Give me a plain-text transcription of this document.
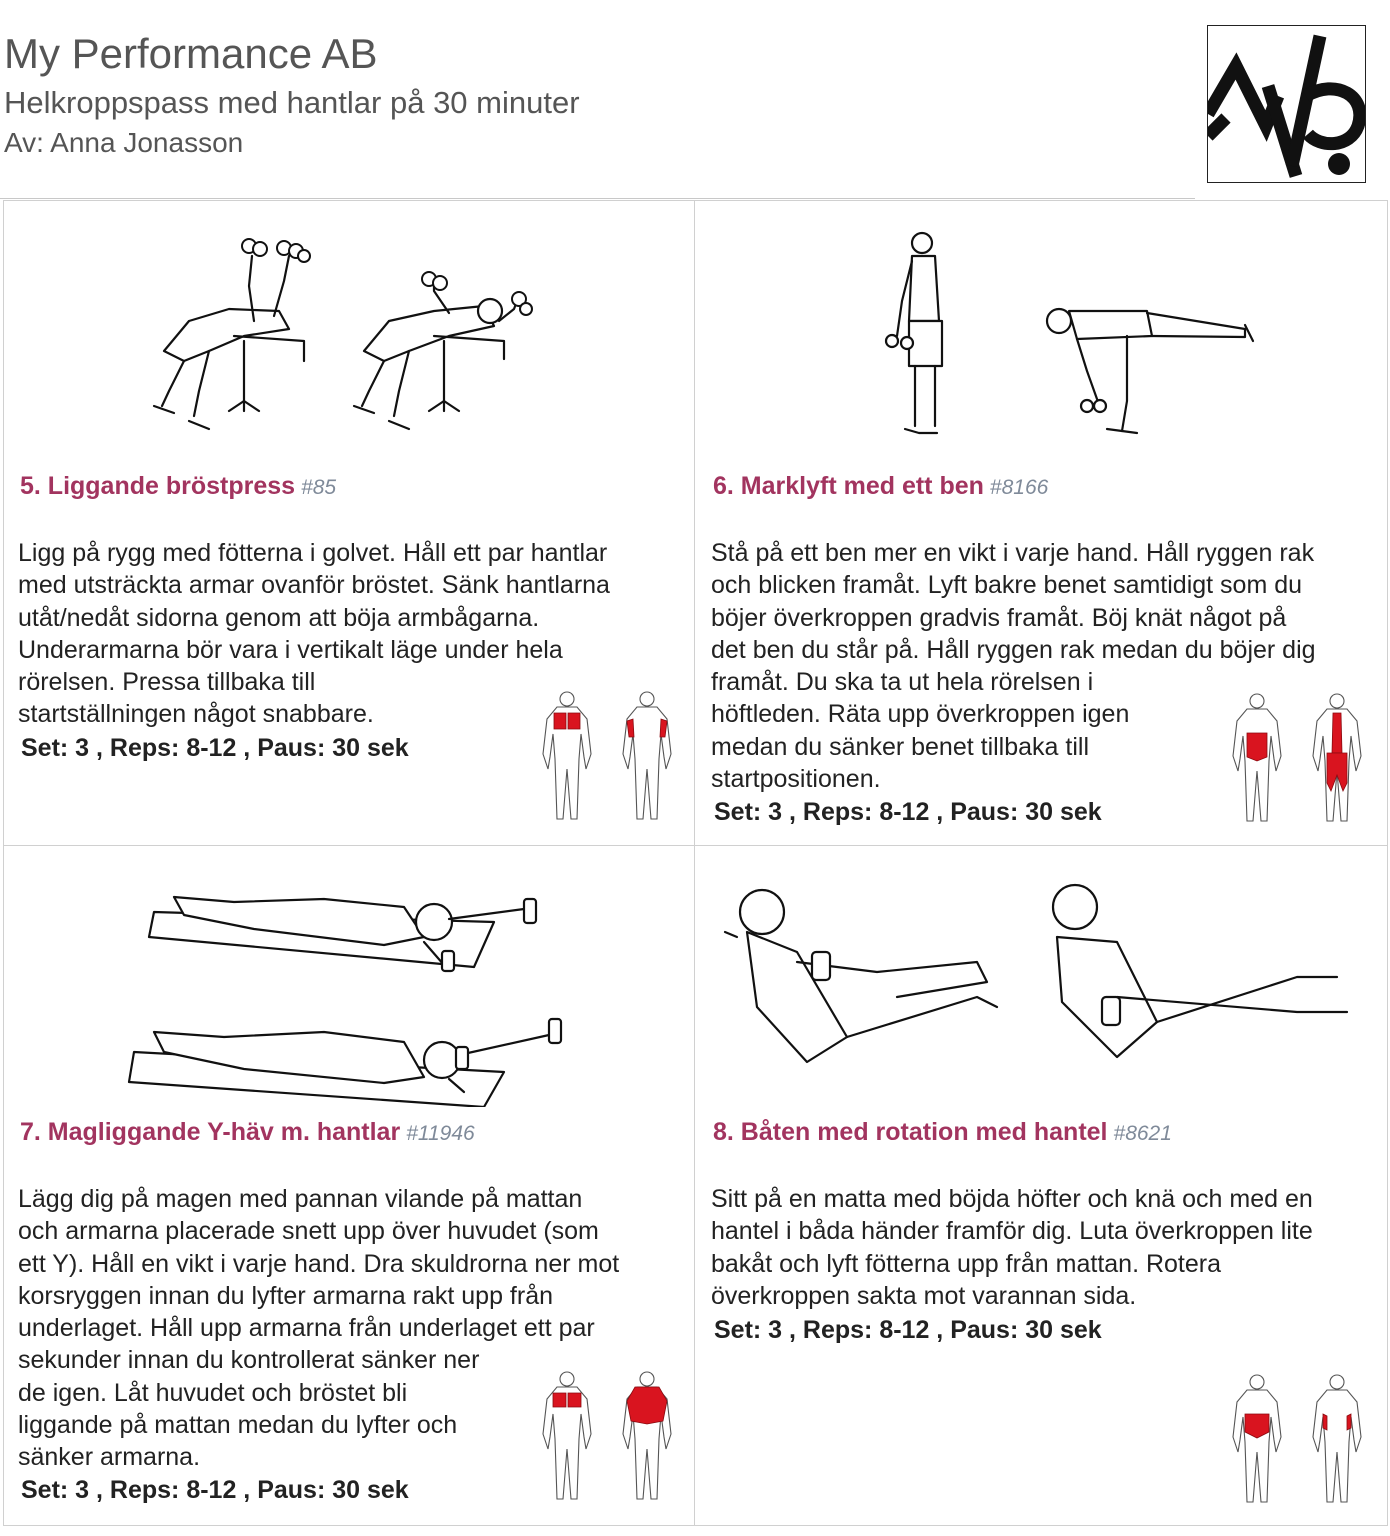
My Performance AB
Helkroppspass med hantlar på 30 minuter
Av: Anna Jonasson
5. Liggande bröstpress #85
Ligg på rygg med fötterna i golvet. Håll ett par hantlar
med utsträckta armar ovanför bröstet. Sänk hantlarna
utåt/nedåt sidorna genom att böja armbågarna.
Underarmarna bör vara i vertikalt läge under hela
rörelsen. Pressa tillbaka till
startställningen något snabbare.
Set: 3 , Reps: 8-12 , Paus: 30 sek
6. Marklyft med ett ben #8166
Stå på ett ben mer en vikt i varje hand. Håll ryggen rak
och blicken framåt. Lyft bakre benet samtidigt som du
böjer överkroppen gradvis framåt. Böj knät något på
det ben du står på. Håll ryggen rak medan du böjer dig
framåt. Du ska ta ut hela rörelsen i
höftleden. Räta upp överkroppen igen
medan du sänker benet tillbaka till
startpositionen.
Set: 3 , Reps: 8-12 , Paus: 30 sek
7. Magliggande Y-häv m. hantlar #11946
Lägg dig på magen med pannan vilande på mattan
och armarna placerade snett upp över huvudet (som
ett Y). Håll en vikt i varje hand. Dra skuldrorna ner mot
korsryggen innan du lyfter armarna rakt upp från
underlaget. Håll upp armarna från underlaget ett par
sekunder innan du kontrollerat sänker ner
de igen. Låt huvudet och bröstet bli
liggande på mattan medan du lyfter och
sänker armarna.
Set: 3 , Reps: 8-12 , Paus: 30 sek
8. Båten med rotation med hantel #8621
Sitt på en matta med böjda höfter och knä och med en
hantel i båda händer framför dig. Luta överkroppen lite
bakåt och lyft fötterna upp från mattan. Rotera
överkroppen sakta mot varannan sida.
Set: 3 , Reps: 8-12 , Paus: 30 sek
